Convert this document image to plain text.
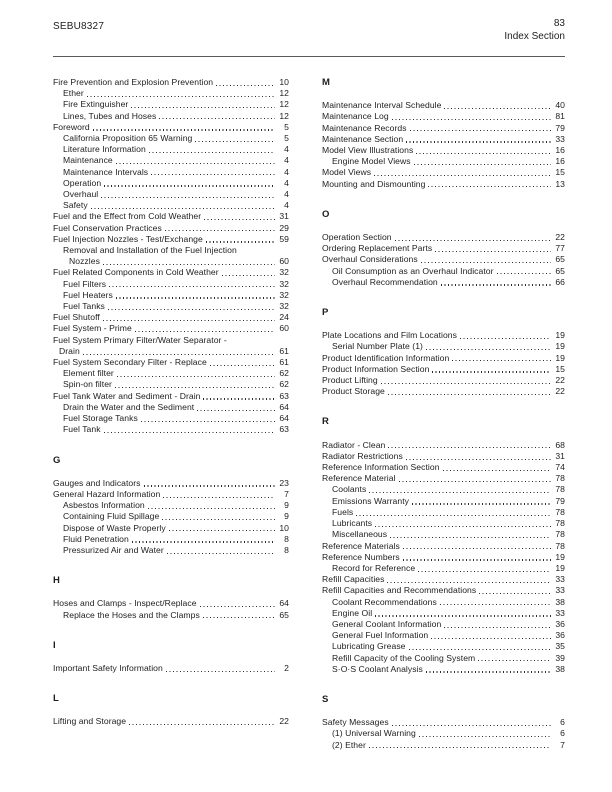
SEBU8327	83
Index Section
Fire Prevention and Explosion Prevention	10
Ether	12
Fire Extinguisher	12
Lines, Tubes and Hoses	12
Foreword	5
California Proposition 65 Warning	5
Literature Information	4
Maintenance	4
Maintenance Intervals	4
Operation	4
Overhaul	4
Safety	4
Fuel and the Effect from Cold Weather	31
Fuel Conservation Practices	29
Fuel Injection Nozzles - Test/Exchange	59
Removal and Installation of the Fuel Injection
Nozzles	60
Fuel Related Components in Cold Weather	32
Fuel Filters	32
Fuel Heaters	32
Fuel Tanks	32
Fuel Shutoff	24
Fuel System - Prime	60
Fuel System Primary Filter/Water Separator -
Drain	61
Fuel System Secondary Filter - Replace	61
Element filter	62
Spin-on filter	62
Fuel Tank Water and Sediment - Drain	63
Drain the Water and the Sediment	64
Fuel Storage Tanks	64
Fuel Tank	63
G
Gauges and Indicators	23
General Hazard Information	7
Asbestos Information	9
Containing Fluid Spillage	9
Dispose of Waste Properly	10
Fluid Penetration	8
Pressurized Air and Water	8
H
Hoses and Clamps - Inspect/Replace	64
Replace the Hoses and the Clamps	65
I
Important Safety Information	2
L
Lifting and Storage	22
M
Maintenance Interval Schedule	40
Maintenance Log	81
Maintenance Records	79
Maintenance Section	33
Model View Illustrations	16
Engine Model Views	16
Model Views	15
Mounting and Dismounting	13
O
Operation Section	22
Ordering Replacement Parts	77
Overhaul Considerations	65
Oil Consumption as an Overhaul Indicator	65
Overhaul Recommendation	66
P
Plate Locations and Film Locations	19
Serial Number Plate (1)	19
Product Identification Information	19
Product Information Section	15
Product Lifting	22
Product Storage	22
R
Radiator - Clean	68
Radiator Restrictions	31
Reference Information Section	74
Reference Material	78
Coolants	78
Emissions Warranty	79
Fuels	78
Lubricants	78
Miscellaneous	78
Reference Materials	78
Reference Numbers	19
Record for Reference	19
Refill Capacities	33
Refill Capacities and Recommendations	33
Coolant Recommendations	38
Engine Oil	33
General Coolant Information	36
General Fuel Information	36
Lubricating Grease	35
Refill Capacity of the Cooling System	39
S·O·S Coolant Analysis	38
S
Safety Messages	6
(1) Universal Warning	6
(2) Ether	7
